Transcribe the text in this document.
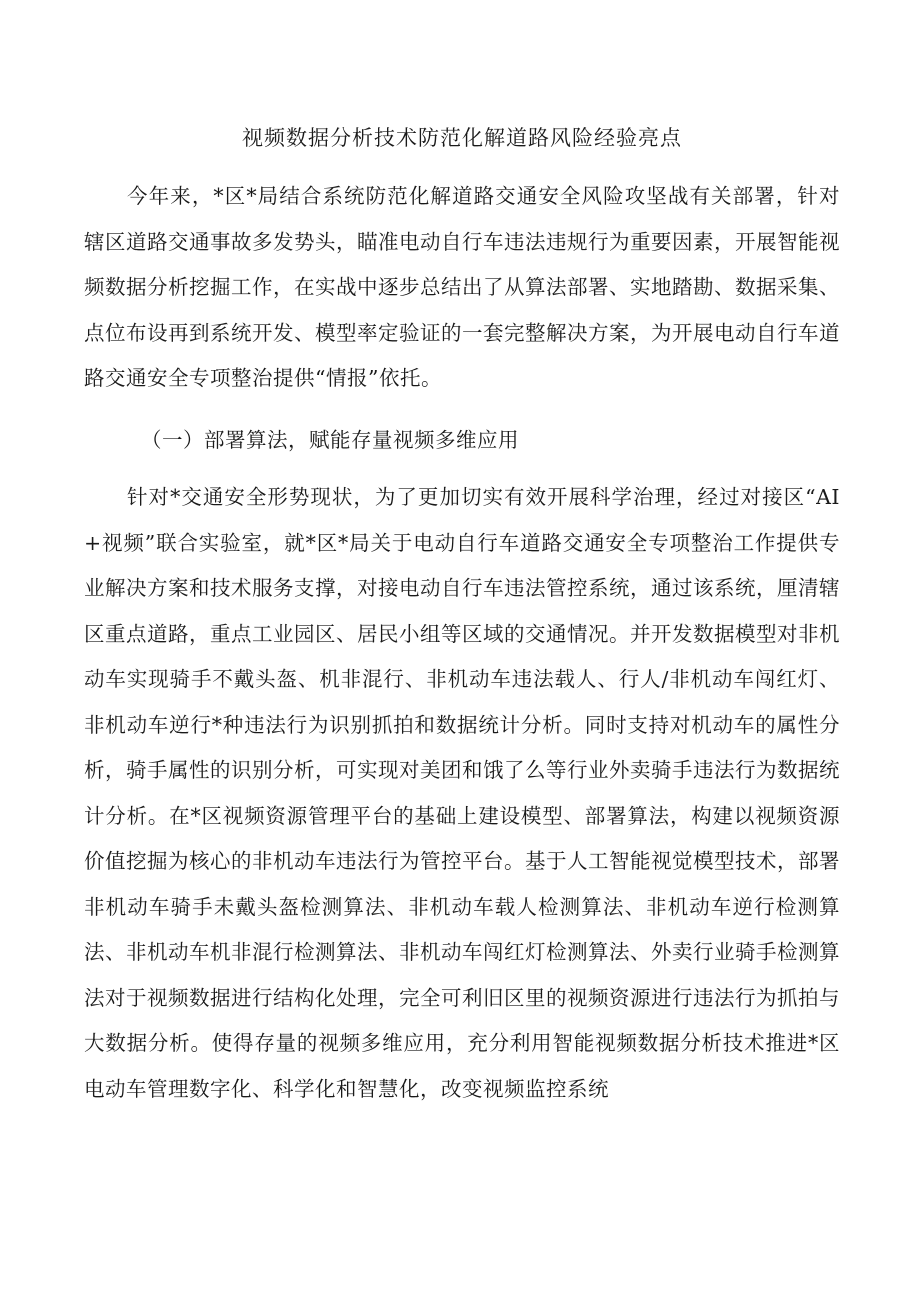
视频数据分析技术防范化解道路风险经验亮点

今年来，*区*局结合系统防范化解道路交通安全风险攻坚战有关部署，针对辖区道路交通事故多发势头，瞄准电动自行车违法违规行为重要因素，开展智能视频数据分析挖掘工作，在实战中逐步总结出了从算法部署、实地踏勘、数据采集、点位布设再到系统开发、模型率定验证的一套完整解决方案，为开展电动自行车道路交通安全专项整治提供“情报”依托。

（一）部署算法，赋能存量视频多维应用

针对*交通安全形势现状，为了更加切实有效开展科学治理，经过对接区“AI+视频”联合实验室，就*区*局关于电动自行车道路交通安全专项整治工作提供专业解决方案和技术服务支撑，对接电动自行车违法管控系统，通过该系统，厘清辖区重点道路，重点工业园区、居民小组等区域的交通情况。并开发数据模型对非机动车实现骑手不戴头盔、机非混行、非机动车违法载人、行人/非机动车闯红灯、非机动车逆行*种违法行为识别抓拍和数据统计分析。同时支持对机动车的属性分析，骑手属性的识别分析，可实现对美团和饿了么等行业外卖骑手违法行为数据统计分析。在*区视频资源管理平台的基础上建设模型、部署算法，构建以视频资源价值挖掘为核心的非机动车违法行为管控平台。基于人工智能视觉模型技术，部署非机动车骑手未戴头盔检测算法、非机动车载人检测算法、非机动车逆行检测算法、非机动车机非混行检测算法、非机动车闯红灯检测算法、外卖行业骑手检测算法对于视频数据进行结构化处理，完全可利旧区里的视频资源进行违法行为抓拍与大数据分析。使得存量的视频多维应用，充分利用智能视频数据分析技术推进*区电动车管理数字化、科学化和智慧化，改变视频监控系统
